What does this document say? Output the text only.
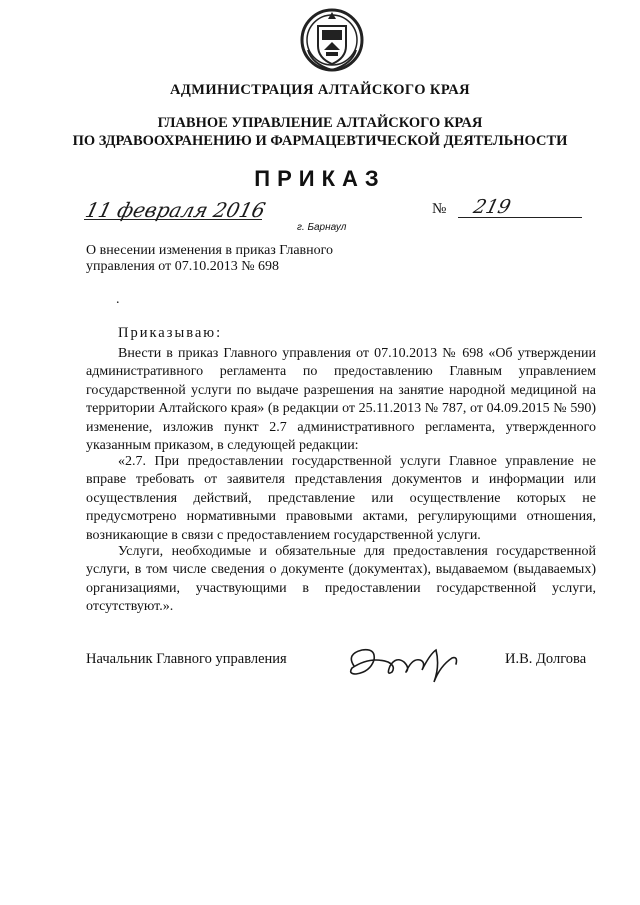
АДМИНИСТРАЦИЯ АЛТАЙСКОГО КРАЯ
ГЛАВНОЕ УПРАВЛЕНИЕ АЛТАЙСКОГО КРАЯ
ПО ЗДРАВООХРАНЕНИЮ И ФАРМАЦЕВТИЧЕСКОЙ ДЕЯТЕЛЬНОСТИ
ПРИКАЗ
11 февраля 2016
г. Барнаул
№ 219
О внесении изменения в приказ Главного управления от 07.10.2013 № 698
.
Приказываю:

Внести в приказ Главного управления от 07.10.2013 № 698 «Об утверждении административного регламента по предоставлению Главным управлением государственной услуги по выдаче разрешения на занятие народной медициной на территории Алтайского края» (в редакции от 25.11.2013 № 787, от 04.09.2015 № 590) изменение, изложив пункт 2.7 административного регламента, утвержденного указанным приказом, в следующей редакции:

«2.7. При предоставлении государственной услуги Главное управление не вправе требовать от заявителя представления документов и информации или осуществления действий, представление или осуществление которых не предусмотрено нормативными правовыми актами, регулирующими отношения, возникающие в связи с предоставлением государственной услуги.

Услуги, необходимые и обязательные для предоставления государственной услуги, в том числе сведения о документе (документах), выдаваемом (выдаваемых) организациями, участвующими в предоставлении государственной услуги, отсутствуют.».

Начальник Главного управления	И.В. Долгова
